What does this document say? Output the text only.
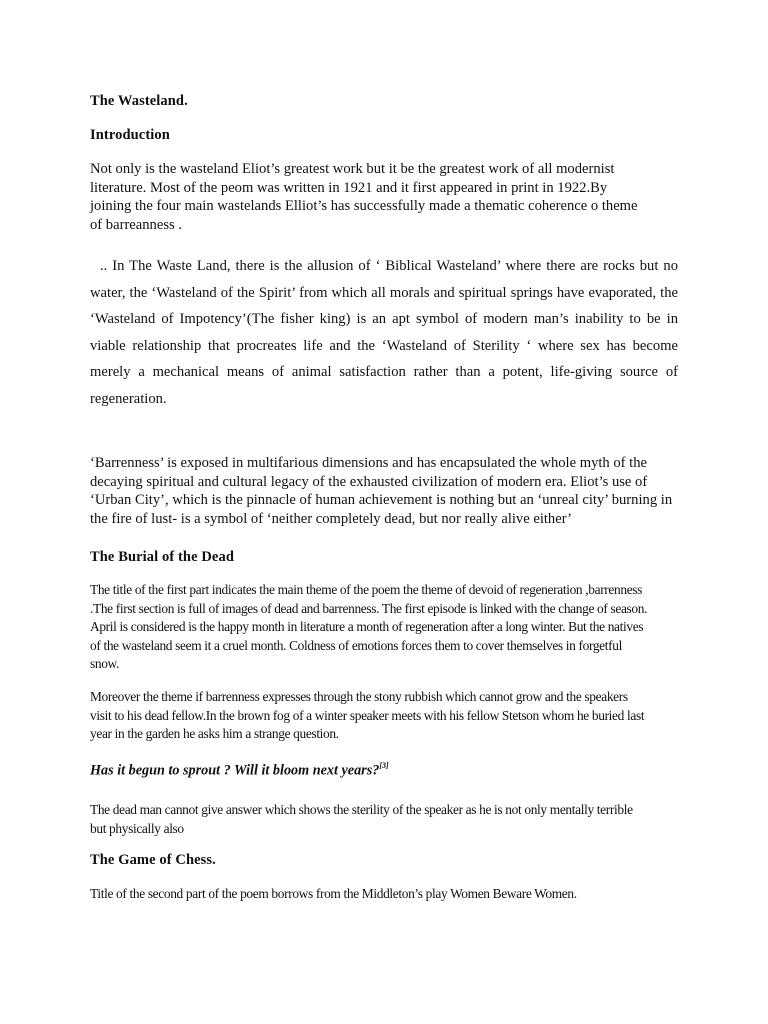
The Wasteland.
Introduction

Not only is the wasteland Eliot’s greatest work but it be the greatest work of all modernist literature. Most of the peom was written in 1921 and it first appeared in print in 1922.By joining the four main wastelands Elliot’s has successfully made a thematic coherence o theme of barreanness .

.. In The Waste Land, there is the allusion of ‘ Biblical Wasteland’ where there are rocks but no water, the ‘Wasteland of the Spirit’ from which all morals and spiritual springs have evaporated, the ‘Wasteland of Impotency’(The fisher king) is an apt symbol of modern man’s inability to be in viable relationship that procreates life and the ‘Wasteland of Sterility ‘ where sex has become merely a mechanical means of animal satisfaction rather than a potent, life-giving source of regeneration.

‘Barrenness’ is exposed in multifarious dimensions and has encapsulated the whole myth of the decaying spiritual and cultural legacy of the exhausted civilization of modern era. Eliot’s use of ‘Urban City’, which is the pinnacle of human achievement is nothing but an ‘unreal city’ burning in the fire of lust- is a symbol of ‘neither completely dead, but nor really alive either’

The Burial of the Dead

The title of the first part indicates the main theme of the poem the theme of devoid of regeneration ,barrenness .The first section is full of images of dead and barrenness. The first episode is linked with the change of season. April is considered is the happy month in literature a month of regeneration after a long winter. But the natives of the wasteland seem it a cruel month. Coldness of emotions forces them to cover themselves in forgetful snow.

Moreover the theme if barrenness expresses through the stony rubbish which cannot grow and the speakers visit to his dead fellow.In the brown fog of a winter speaker meets with his fellow Stetson whom he buried last year in the garden he asks him a strange question.

Has it begun to sprout ? Will it bloom next years?[3]

The dead man cannot give answer which shows the sterility of the speaker as he is not only mentally terrible but physically also

The Game of Chess.

Title of the second part of the poem borrows from the Middleton’s play Women Beware Women.
